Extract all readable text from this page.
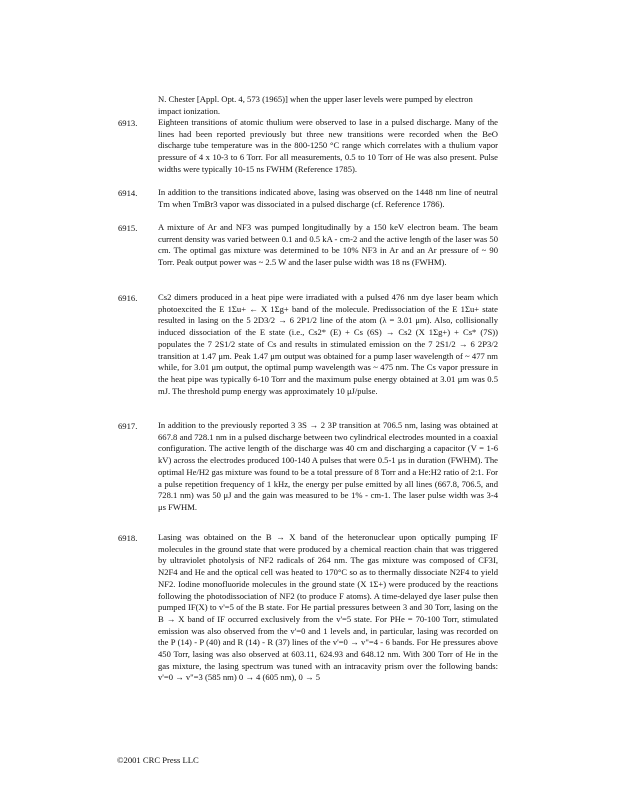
N. Chester [Appl. Opt. 4, 573 (1965)] when the upper laser levels were pumped by electron impact ionization.
6913.	Eighteen transitions of atomic thulium were observed to lase in a pulsed discharge. Many of the lines had been reported previously but three new transitions were recorded when the BeO discharge tube temperature was in the 800-1250 °C range which correlates with a thulium vapor pressure of 4 x 10-3 to 6 Torr. For all measurements, 0.5 to 10 Torr of He was also present. Pulse widths were typically 10-15 ns FWHM (Reference 1785).
6914.	In addition to the transitions indicated above, lasing was observed on the 1448 nm line of neutral Tm when TmBr3 vapor was dissociated in a pulsed discharge (cf. Reference 1786).
6915.	A mixture of Ar and NF3 was pumped longitudinally by a 150 keV electron beam. The beam current density was varied between 0.1 and 0.5 kA - cm-2 and the active length of the laser was 50 cm. The optimal gas mixture was determined to be 10% NF3 in Ar and an Ar pressure of ~ 90 Torr. Peak output power was ~ 2.5 W and the laser pulse width was 18 ns (FWHM).
6916.	Cs2 dimers produced in a heat pipe were irradiated with a pulsed 476 nm dye laser beam which photoexcited the E 1Σu+ ← X 1Σg+ band of the molecule. Predissociation of the E 1Σu+ state resulted in lasing on the 5 2D3/2 → 6 2P1/2 line of the atom (λ = 3.01 μm). Also, collisionally induced dissociation of the E state (i.e., Cs2* (E) + Cs (6S) → Cs2 (X 1Σg+) + Cs* (7S)) populates the 7 2S1/2 state of Cs and results in stimulated emission on the 7 2S1/2 → 6 2P3/2 transition at 1.47 μm. Peak 1.47 μm output was obtained for a pump laser wavelength of ~ 477 nm while, for 3.01 μm output, the optimal pump wavelength was ~ 475 nm. The Cs vapor pressure in the heat pipe was typically 6-10 Torr and the maximum pulse energy obtained at 3.01 μm was 0.5 mJ. The threshold pump energy was approximately 10 μJ/pulse.
6917.	In addition to the previously reported 3 3S → 2 3P transition at 706.5 nm, lasing was obtained at 667.8 and 728.1 nm in a pulsed discharge between two cylindrical electrodes mounted in a coaxial configuration. The active length of the discharge was 40 cm and discharging a capacitor (V = 1-6 kV) across the electrodes produced 100-140 A pulses that were 0.5-1 μs in duration (FWHM). The optimal He/H2 gas mixture was found to be a total pressure of 8 Torr and a He:H2 ratio of 2:1. For a pulse repetition frequency of 1 kHz, the energy per pulse emitted by all lines (667.8, 706.5, and 728.1 nm) was 50 μJ and the gain was measured to be 1% - cm-1. The laser pulse width was 3-4 μs FWHM.
6918.	Lasing was obtained on the B → X band of the heteronuclear upon optically pumping IF molecules in the ground state that were produced by a chemical reaction chain that was triggered by ultraviolet photolysis of NF2 radicals of 264 nm. The gas mixture was composed of CF3I, N2F4 and He and the optical cell was heated to 170°C so as to thermally dissociate N2F4 to yield NF2. Iodine monofluoride molecules in the ground state (X 1Σ+) were produced by the reactions following the photodissociation of NF2 (to produce F atoms). A time-delayed dye laser pulse then pumped IF(X) to v'=5 of the B state. For He partial pressures between 3 and 30 Torr, lasing on the B → X band of IF occurred exclusively from the v'=5 state. For PHe = 70-100 Torr, stimulated emission was also observed from the v'=0 and 1 levels and, in particular, lasing was recorded on the P (14) - P (40) and R (14) - R (37) lines of the v'=0 → v"=4 - 6 bands. For He pressures above 450 Torr, lasing was also observed at 603.11, 624.93 and 648.12 nm. With 300 Torr of He in the gas mixture, the lasing spectrum was tuned with an intracavity prism over the following bands: v'=0 → v"=3 (585 nm) 0 → 4 (605 nm), 0 → 5
©2001 CRC Press LLC
